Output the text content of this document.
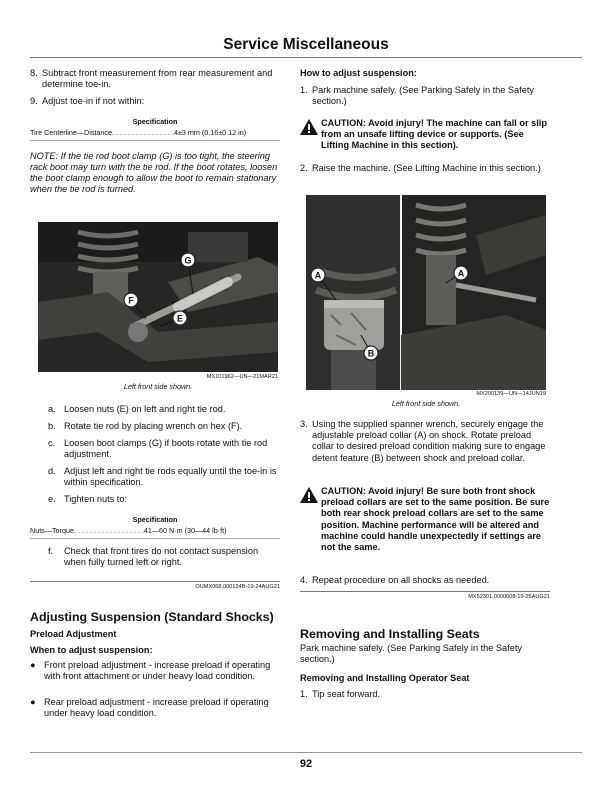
Service Miscellaneous
8. Subtract front measurement from rear measurement and determine toe-in.
9. Adjust toe-in if not within:
Specification
Tire Centerline—Distance. . . . . . . . . . . . . . . .4±3 mm (0.16±0.12 in)
NOTE: If the tie rod boot clamp (G) is too tight, the steering rack boot may turn with the tie rod. If the boot rotates, loosen the boot clamp enough to allow the boot to remain stationary when the tie rod is turned.
G
F
E
MX101962—UN—21MAR21
Left front side shown.
a. Loosen nuts (E) on left and right tie rod.
b. Rotate tie rod by placing wrench on hex (F).
c. Loosen boot clamps (G) if boots rotate with tie rod adjustment.
d. Adjust left and right tie rods equally until the toe-in is within specification.
e. Tighten nuts to:
Specification
Nuts—Torque. . . . . . . . . . . . . . . . . .41—60 N·m (30—44 lb·ft)
f. Check that front tires do not contact suspension when fully turned left or right.
OUMX068,000124B-19-24AUG21
Adjusting Suspension (Standard Shocks)
Preload Adjustment
When to adjust suspension:
● Front preload adjustment - increase preload if operating with front attachment or under heavy load condition.
● Rear preload adjustment - increase preload if operating under heavy load condition.
How to adjust suspension:
1. Park machine safely. (See Parking Safely in the Safety section.)
CAUTION: Avoid injury! The machine can fall or slip from an unsafe lifting device or supports. (See Lifting Machine in this section).
2. Raise the machine. (See Lifting Machine in this section.)
A	A
B
MX200139—UN—14JUN19
Left front side shown.
3. Using the supplied spanner wrench, securely engage the adjustable preload collar (A) on shock. Rotate preload collar to desired preload condition making sure to engage detent feature (B) between shock and preload collar.
CAUTION: Avoid injury! Be sure both front shock preload collars are set to the same position. Be sure both rear shock preload collars are set to the same position. Machine performance will be altered and machine could handle unexpectedly if settings are not the same.
4. Repeat procedure on all shocks as needed.
MX52301,0000608-19-25AUG21
Removing and Installing Seats
Park machine safely. (See Parking Safely in the Safety section.)
Removing and Installing Operator Seat
1. Tip seat forward.
92
